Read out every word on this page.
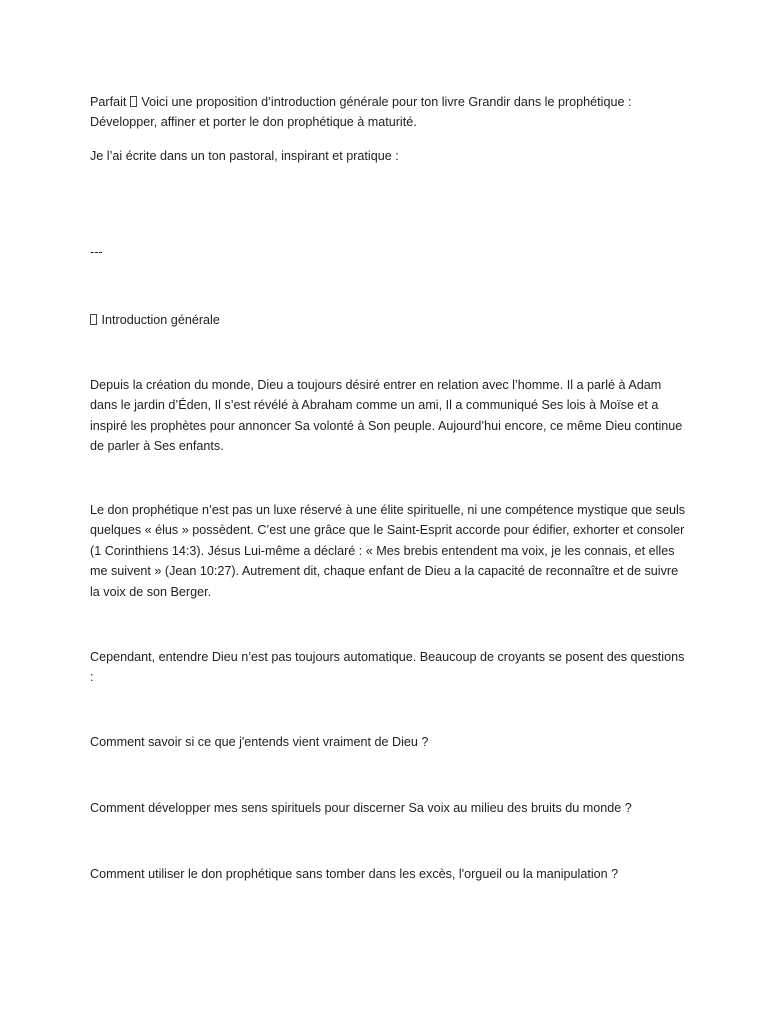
Parfait Voici une proposition d’introduction générale pour ton livre Grandir dans le prophétique : Développer, affiner et porter le don prophétique à maturité.

Je l’ai écrite dans un ton pastoral, inspirant et pratique :

---

Introduction générale

Depuis la création du monde, Dieu a toujours désiré entrer en relation avec l’homme. Il a parlé à Adam dans le jardin d’Éden, Il s’est révélé à Abraham comme un ami, Il a communiqué Ses lois à Moïse et a inspiré les prophètes pour annoncer Sa volonté à Son peuple. Aujourd’hui encore, ce même Dieu continue de parler à Ses enfants.

Le don prophétique n’est pas un luxe réservé à une élite spirituelle, ni une compétence mystique que seuls quelques « élus » possèdent. C’est une grâce que le Saint-Esprit accorde pour édifier, exhorter et consoler (1 Corinthiens 14:3). Jésus Lui-même a déclaré : « Mes brebis entendent ma voix, je les connais, et elles me suivent » (Jean 10:27). Autrement dit, chaque enfant de Dieu a la capacité de reconnaître et de suivre la voix de son Berger.

Cependant, entendre Dieu n’est pas toujours automatique. Beaucoup de croyants se posent des questions :

Comment savoir si ce que j'entends vient vraiment de Dieu ?

Comment développer mes sens spirituels pour discerner Sa voix au milieu des bruits du monde ?

Comment utiliser le don prophétique sans tomber dans les excès, l'orgueil ou la manipulation ?
